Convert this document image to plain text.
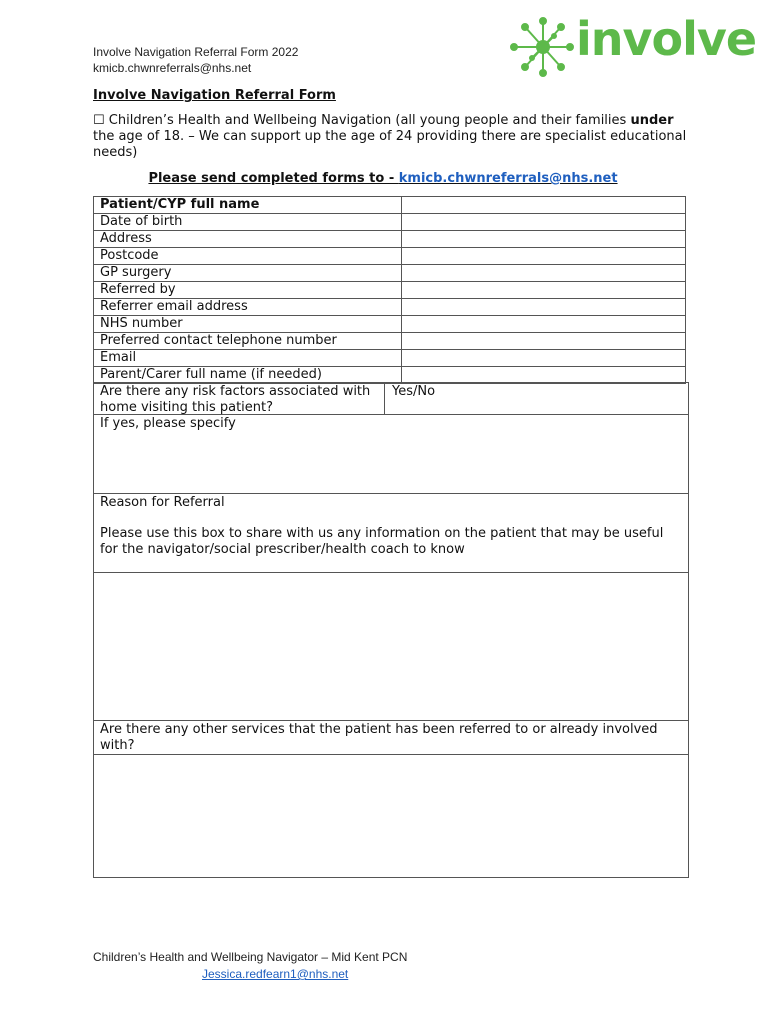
Involve Navigation Referral Form 2022
kmicb.chwnreferrals@nhs.net
involve
Involve Navigation Referral Form
☐ Children’s Health and Wellbeing Navigation (all young people and their families under the age of 18. – We can support up the age of 24 providing there are specialist educational needs)
Please send completed forms to - kmicb.chwnreferrals@nhs.net
Patient/CYP full name	
Date of birth	
Address	
Postcode	
GP surgery	
Referred by	
Referrer email address	
NHS number	
Preferred contact telephone number	
Email	
Parent/Carer full name (if needed)	
Are there any risk factors associated with home visiting this patient?
Yes/No
If yes, please specify
Reason for Referral
Please use this box to share with us any information on the patient that may be useful for the navigator/social prescriber/health coach to know
Are there any other services that the patient has been referred to or already involved with?
Children’s Health and Wellbeing Navigator – Mid Kent PCN
Jessica.redfearn1@nhs.net
